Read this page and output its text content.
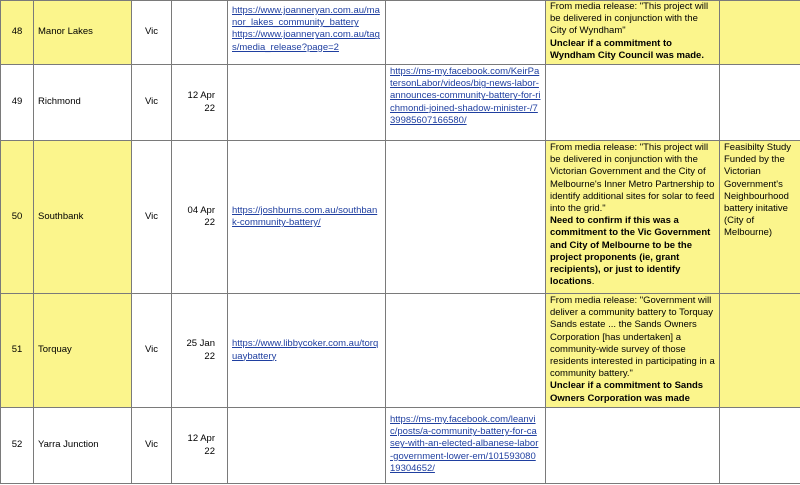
48	Manor Lakes	Vic		https://www.joanneryan.com.au/manor_lakes_community_battery
https://www.joanneryan.com.au/tags/media_release?page=2		From media release: "This project will be delivered in conjunction with the City of Wyndham"
Unclear if a commitment to Wyndham City Council was made.	
49	Richmond	Vic	12 Apr 22		https://ms-my.facebook.com/KeirPatersonLabor/videos/big-news-labor-announces-community-battery-for-richmondi-joined-shadow-minister-/739985607166580/		
50	Southbank	Vic	04 Apr 22	https://joshburns.com.au/southbank-community-battery/		From media release: "This project will be delivered in conjunction with the Victorian Government and the City of Melbourne's Inner Metro Partnership to identify additional sites for solar to feed into the grid."
Need to confirm if this was a commitment to the Vic Government and City of Melbourne to be the project proponents (ie, grant recipients), or just to identify locations.	Feasibilty Study Funded by the Victorian Government's Neighbourhood battery initative (City of Melbourne)
51	Torquay	Vic	25 Jan 22	https://www.libbycoker.com.au/torquaybattery		From media release: "Government will deliver a community battery to Torquay Sands estate ... the Sands Owners Corporation [has undertaken] a community-wide survey of those residents interested in participating in a community battery."
Unclear if a commitment to Sands Owners Corporation was made	
52	Yarra Junction	Vic	12 Apr 22		https://ms-my.facebook.com/leanvic/posts/a-community-battery-for-casey-with-an-elected-albanese-labor-government-lower-em/10159308019304652/		
